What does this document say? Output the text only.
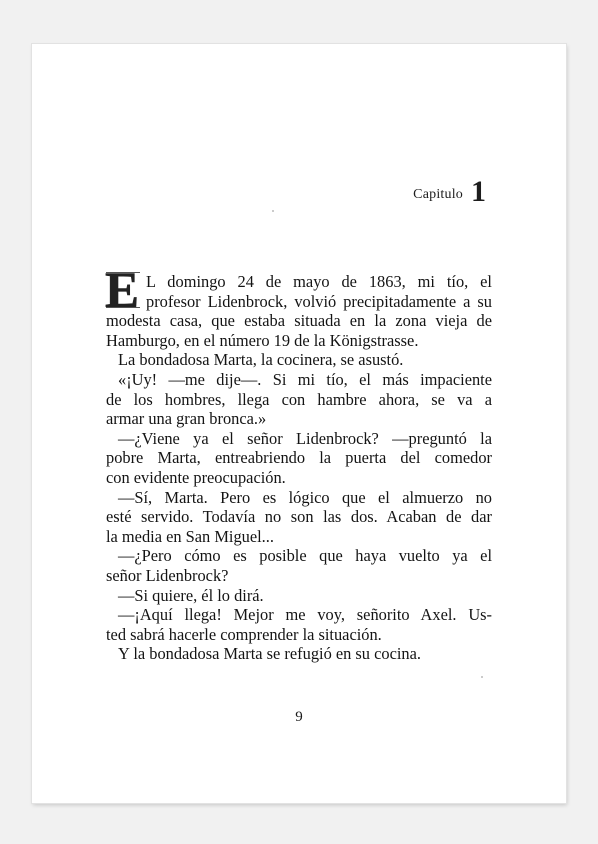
Capitulo 1
E L domingo 24 de mayo de 1863, mi tío, el
profesor Lidenbrock, volvió precipitadamente a su
modesta casa, que estaba situada en la zona vieja de
Hamburgo, en el número 19 de la Königstrasse.
La bondadosa Marta, la cocinera, se asustó.
«¡Uy! —me dije—. Si mi tío, el más impaciente
de los hombres, llega con hambre ahora, se va a
armar una gran bronca.»
—¿Viene ya el señor Lidenbrock? —preguntó la
pobre Marta, entreabriendo la puerta del comedor
con evidente preocupación.
—Sí, Marta. Pero es lógico que el almuerzo no
esté servido. Todavía no son las dos. Acaban de dar
la media en San Miguel...
—¿Pero cómo es posible que haya vuelto ya el
señor Lidenbrock?
—Si quiere, él lo dirá.
—¡Aquí llega! Mejor me voy, señorito Axel. Us-
ted sabrá hacerle comprender la situación.
Y la bondadosa Marta se refugió en su cocina.
9
